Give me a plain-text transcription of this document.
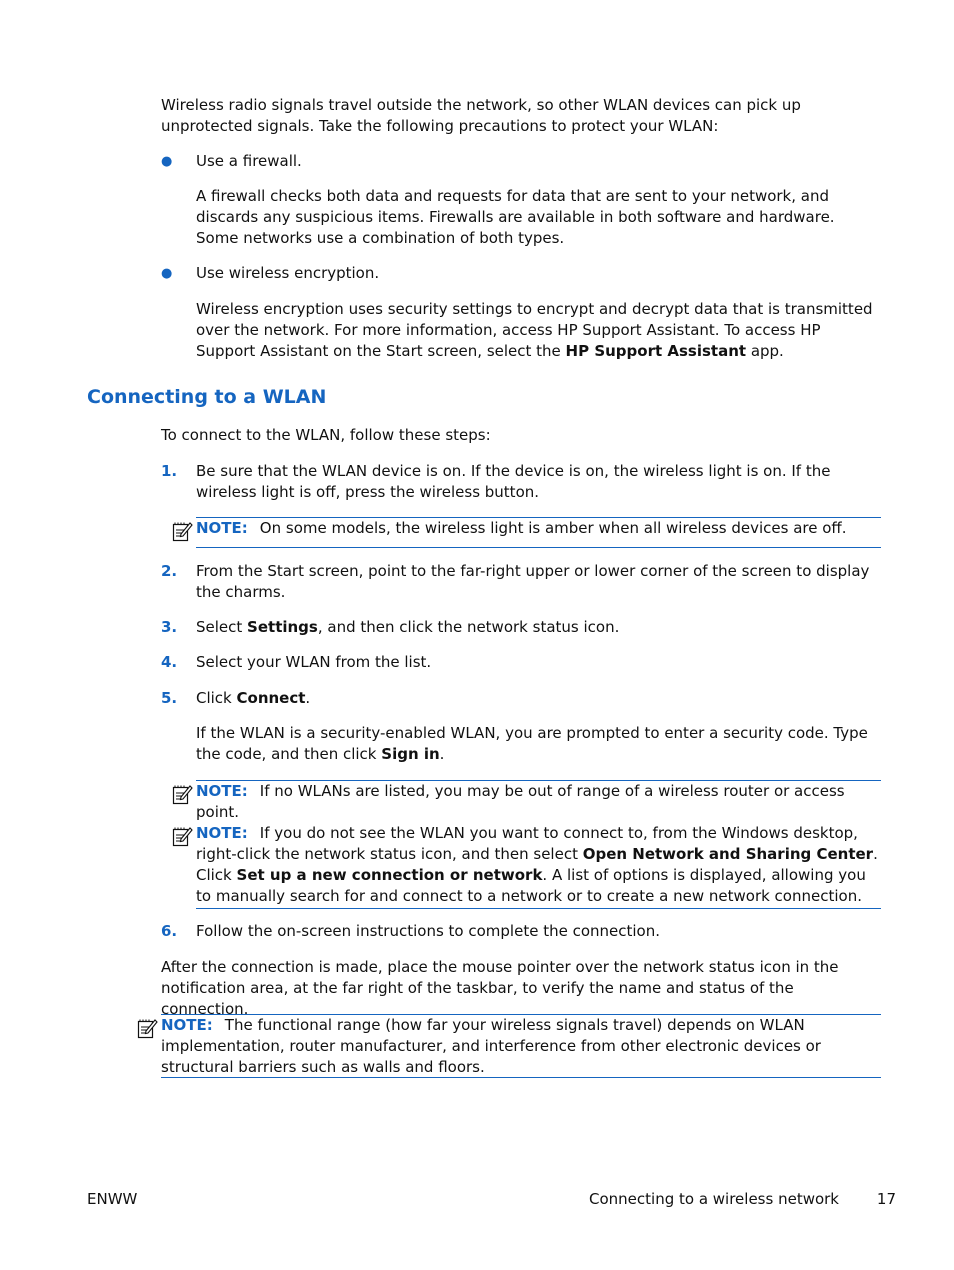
Wireless radio signals travel outside the network, so other WLAN devices can pick up unprotected signals. Take the following precautions to protect your WLAN:

● Use a firewall.

A firewall checks both data and requests for data that are sent to your network, and discards any suspicious items. Firewalls are available in both software and hardware. Some networks use a combination of both types.

● Use wireless encryption.

Wireless encryption uses security settings to encrypt and decrypt data that is transmitted over the network. For more information, access HP Support Assistant. To access HP Support Assistant on the Start screen, select the HP Support Assistant app.

Connecting to a WLAN

To connect to the WLAN, follow these steps:

1. Be sure that the WLAN device is on. If the device is on, the wireless light is on. If the wireless light is off, press the wireless button.

NOTE: On some models, the wireless light is amber when all wireless devices are off.

2. From the Start screen, point to the far-right upper or lower corner of the screen to display the charms.

3. Select Settings, and then click the network status icon.

4. Select your WLAN from the list.

5. Click Connect.

If the WLAN is a security-enabled WLAN, you are prompted to enter a security code. Type the code, and then click Sign in.

NOTE: If no WLANs are listed, you may be out of range of a wireless router or access point.

NOTE: If you do not see the WLAN you want to connect to, from the Windows desktop, right-click the network status icon, and then select Open Network and Sharing Center. Click Set up a new connection or network. A list of options is displayed, allowing you to manually search for and connect to a network or to create a new network connection.

6. Follow the on-screen instructions to complete the connection.

After the connection is made, place the mouse pointer over the network status icon in the notification area, at the far right of the taskbar, to verify the name and status of the connection.

NOTE: The functional range (how far your wireless signals travel) depends on WLAN implementation, router manufacturer, and interference from other electronic devices or structural barriers such as walls and floors.

ENWW	Connecting to a wireless network	17
